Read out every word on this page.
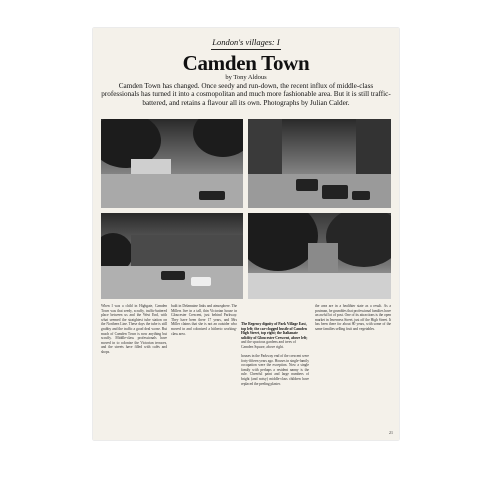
London's villages: I
Camden Town
by Tony Aldous
Camden Town has changed. Once seedy and run-down, the recent influx of middle-class professionals has turned it into a cosmopolitan and much more fashionable area. But it is still traffic-battered, and retains a flavour all its own. Photographs by Julian Calder.
When I was a child in Highgate, Camden Town was that seedy, scruffy, traffic-battered place between us and the West End, with what seemed the straightest tube station on the Northern Line. These days the tube is still grubby and the traffic a good deal worse. But much of Camden Town is now anything but scruffy. Middle-class professionals have moved in to colonize the Victorian terraces, and the streets have filled with cafés and shops.
built in Delamaine links and atmosphere. The Millers live in a tall, thin Victorian house in Gloucester Crescent, just behind Parkway. They have been there 17 years, and Mrs Miller claims that she is not an outsider who moved in and colonized a hitherto working-class area.
The Regency dignity of Park Village East, top left; the car-clogged bustle of Camden High Street, top right; the Italianate solidity of Gloucester Crescent, above left; and the spacious gardens and trees of Camden Square, above right.
houses in the Parkway end of the crescent were forty-fifteen years ago. Houses in single-family occupation were the exception. Now a single family with perhaps a resident nanny is the rule. Cheerful paint and large numbers of bright (and noisy) middle-class children have replaced the peeling plaster.
the area are in a healthier state as a result. As a postman, he grumbles that professional families have an awful lot of post. One of its attractions is the open market in Inverness Street, just off the High Street. It has been there for about 80 years, with some of the same families selling fruit and vegetables.
21
